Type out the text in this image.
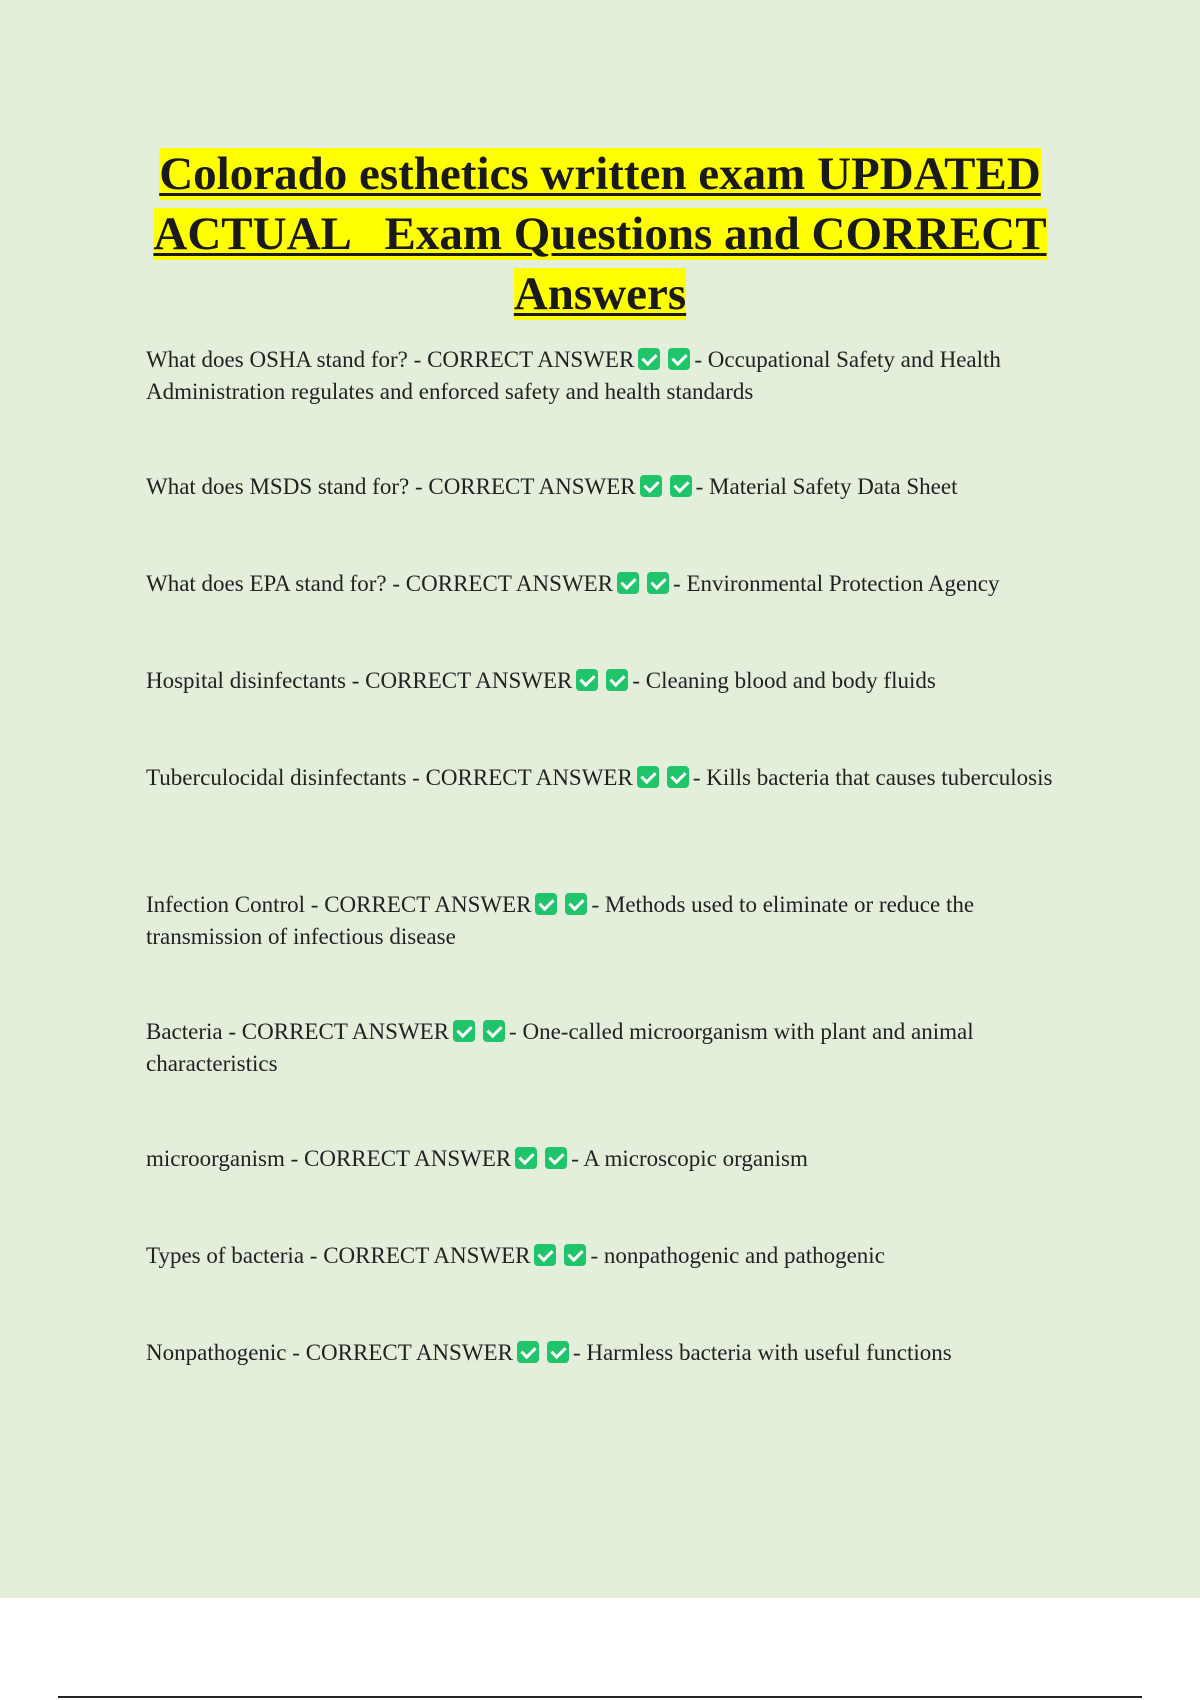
Colorado esthetics written exam UPDATED
ACTUAL   Exam Questions and CORRECT
Answers
What does OSHA stand for? - CORRECT ANSWER	- Occupational Safety and Health Administration regulates and enforced safety and health standards
What does MSDS stand for? - CORRECT ANSWER	- Material Safety Data Sheet
What does EPA stand for? - CORRECT ANSWER	- Environmental Protection Agency
Hospital disinfectants - CORRECT ANSWER	- Cleaning blood and body fluids
Tuberculocidal disinfectants - CORRECT ANSWER	- Kills bacteria that causes tuberculosis
Infection Control - CORRECT ANSWER	- Methods used to eliminate or reduce the transmission of infectious disease
Bacteria - CORRECT ANSWER	- One-called microorganism with plant and animal characteristics
microorganism - CORRECT ANSWER	- A microscopic organism
Types of bacteria - CORRECT ANSWER	- nonpathogenic and pathogenic
Nonpathogenic - CORRECT ANSWER	- Harmless bacteria with useful functions
